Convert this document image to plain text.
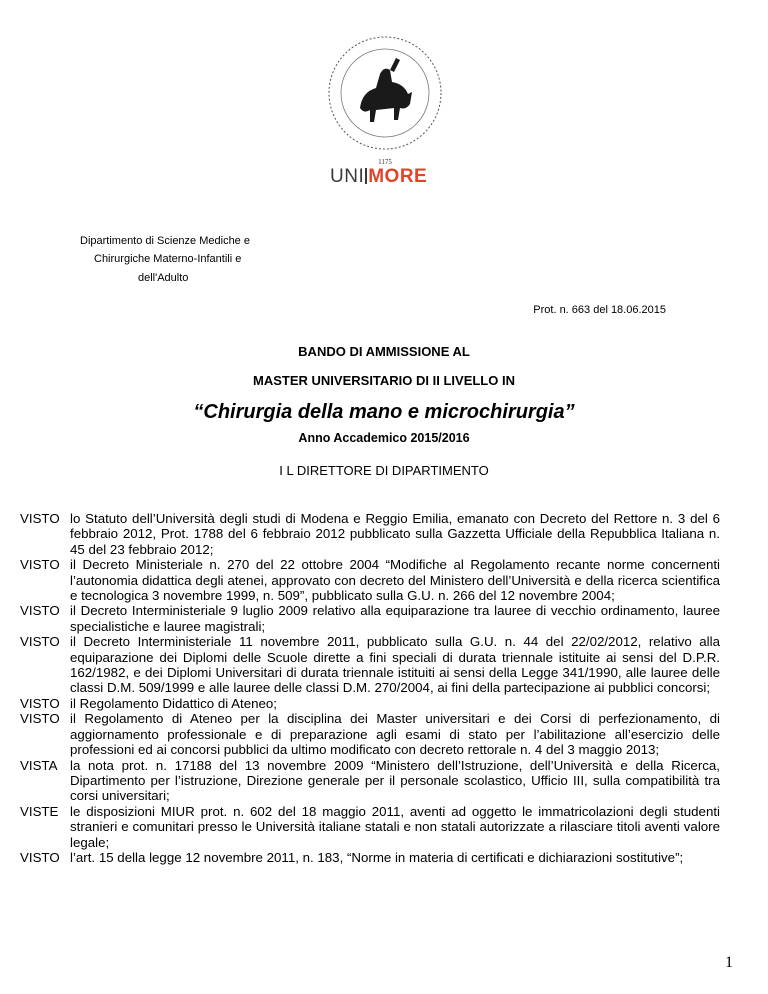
1175
UNI MORE
Dipartimento di Scienze Mediche e
Chirurgiche Materno-Infantili e
dell'Adulto
Prot. n. 663 del 18.06.2015
BANDO DI AMMISSIONE AL
MASTER UNIVERSITARIO DI II LIVELLO IN
“Chirurgia della mano e microchirurgia”
Anno Accademico 2015/2016
I L DIRETTORE DI DIPARTIMENTO
VISTO lo Statuto dell’Università degli studi di Modena e Reggio Emilia, emanato con Decreto del Rettore n. 3 del 6 febbraio 2012, Prot. 1788 del 6 febbraio 2012 pubblicato sulla Gazzetta Ufficiale della Repubblica Italiana n. 45 del 23 febbraio 2012;
VISTO il Decreto Ministeriale n. 270 del 22 ottobre 2004 “Modifiche al Regolamento recante norme concernenti l’autonomia didattica degli atenei, approvato con decreto del Ministero dell’Università e della ricerca scientifica e tecnologica 3 novembre 1999, n. 509”, pubblicato sulla G.U. n. 266 del 12 novembre 2004;
VISTO il Decreto Interministeriale 9 luglio 2009 relativo alla equiparazione tra lauree di vecchio ordinamento, lauree specialistiche e lauree magistrali;
VISTO il Decreto Interministeriale 11 novembre 2011, pubblicato sulla G.U. n. 44 del 22/02/2012, relativo alla equiparazione dei Diplomi delle Scuole dirette a fini speciali di durata triennale istituite ai sensi del D.P.R. 162/1982, e dei Diplomi Universitari di durata triennale istituiti ai sensi della Legge 341/1990, alle lauree delle classi D.M. 509/1999 e alle lauree delle classi D.M. 270/2004, ai fini della partecipazione ai pubblici concorsi;
VISTO il Regolamento Didattico di Ateneo;
VISTO il Regolamento di Ateneo per la disciplina dei Master universitari e dei Corsi di perfezionamento, di aggiornamento professionale e di preparazione agli esami di stato per l’abilitazione all’esercizio delle professioni ed ai concorsi pubblici da ultimo modificato con decreto rettorale n. 4 del 3 maggio 2013;
VISTA la nota prot. n. 17188 del 13 novembre 2009 “Ministero dell’Istruzione, dell’Università e della Ricerca, Dipartimento per l’istruzione, Direzione generale per il personale scolastico, Ufficio III, sulla compatibilità tra corsi universitari;
VISTE le disposizioni MIUR prot. n. 602 del 18 maggio 2011, aventi ad oggetto le immatricolazioni degli studenti stranieri e comunitari presso le Università italiane statali e non statali autorizzate a rilasciare titoli aventi valore legale;
VISTO l’art. 15 della legge 12 novembre 2011, n. 183, “Norme in materia di certificati e dichiarazioni sostitutive”;
1
